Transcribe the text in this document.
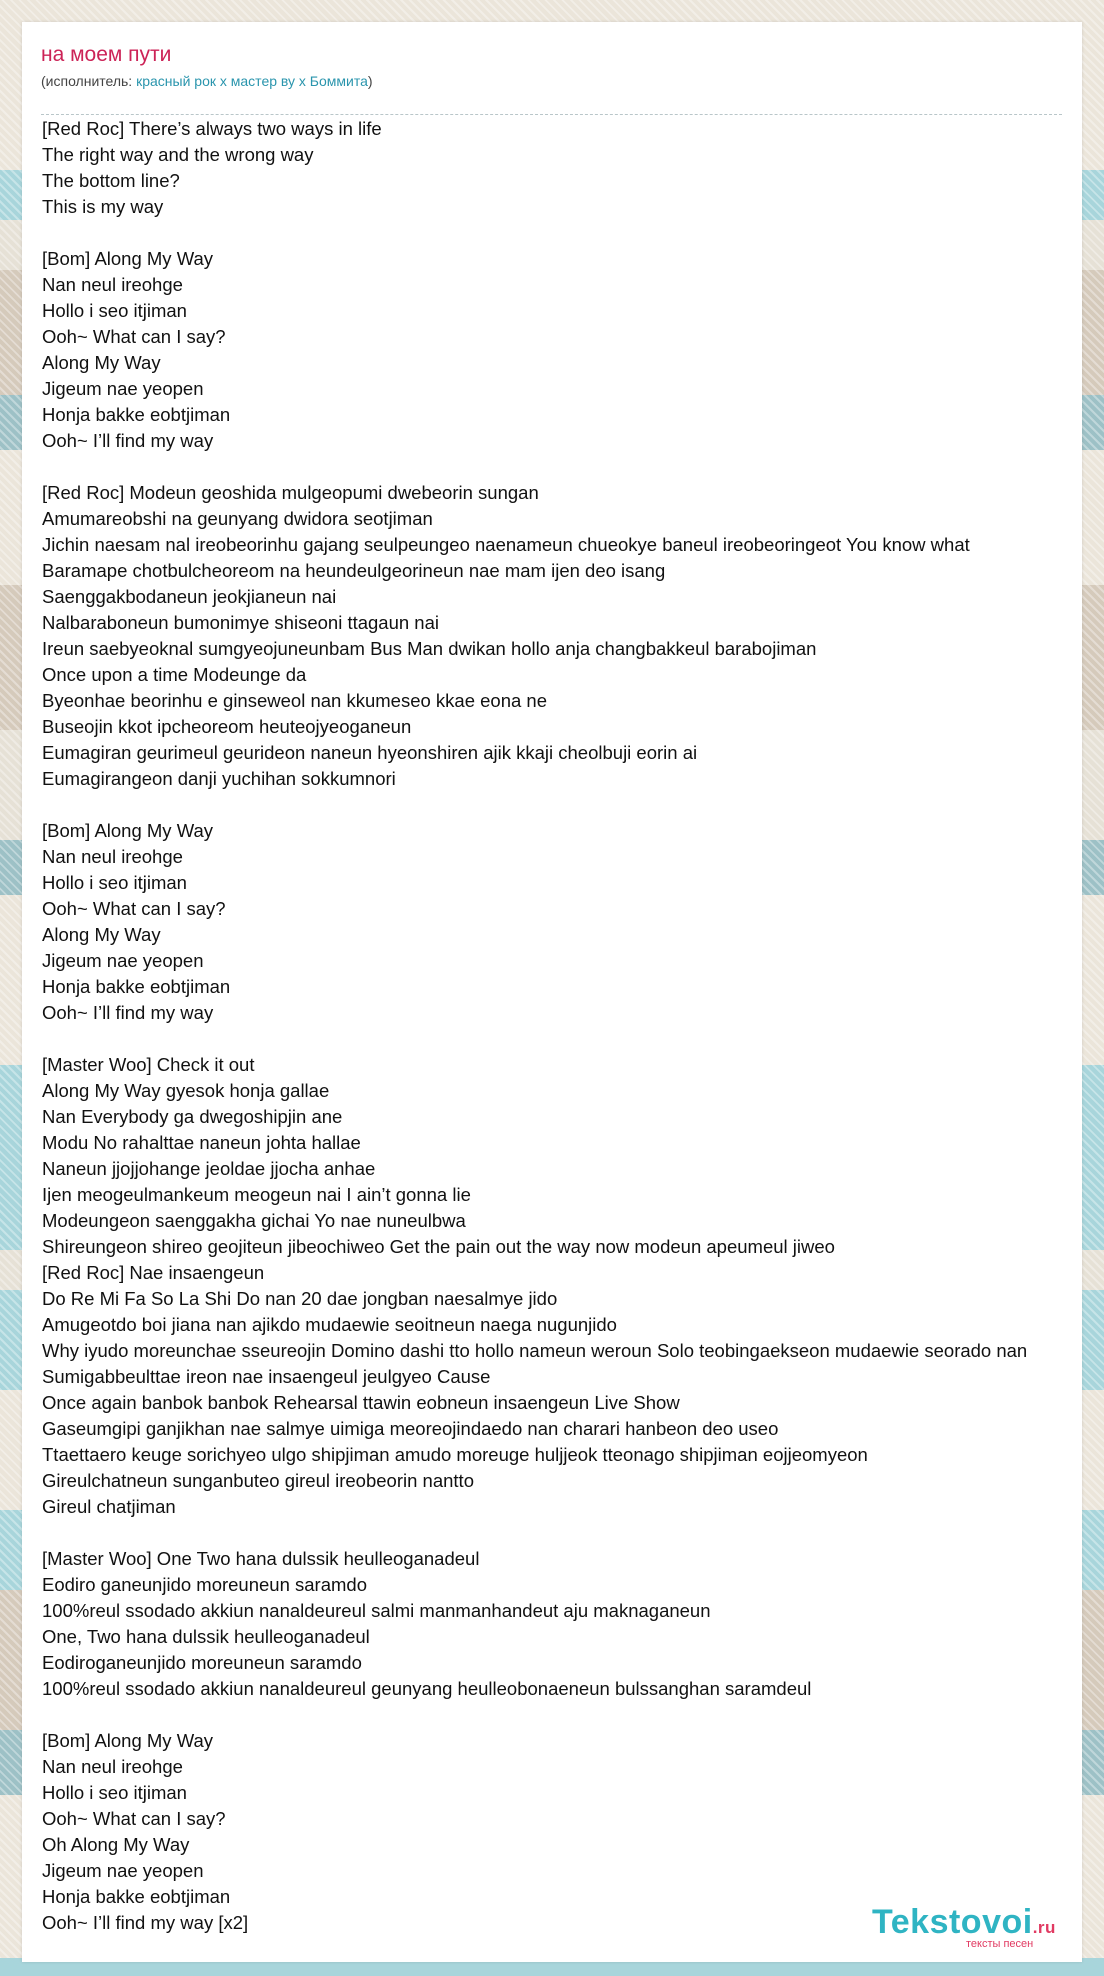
на моем пути
(исполнитель: красный рок x мастер ву x Боммита)
[Red Roc] There’s always two ways in life
The right way and the wrong way
The bottom line?
This is my way
[Bom] Along My Way
Nan neul ireohge
Hollo i seo itjiman
Ooh~ What can I say?
Along My Way
Jigeum nae yeopen
Honja bakke eobtjiman
Ooh~ I’ll find my way
[Red Roc] Modeun geoshida mulgeopumi dwebeorin sungan
Amumareobshi na geunyang dwidora seotjiman
Jichin naesam nal ireobeorinhu gajang seulpeungeo naenameun chueokye baneul ireobeoringeot You know what
Baramape chotbulcheoreom na heundeulgeorineun nae mam ijen deo isang
Saenggakbodaneun jeokjianeun nai
Nalbaraboneun bumonimye shiseoni ttagaun nai
Ireun saebyeoknal sumgyeojuneunbam Bus Man dwikan hollo anja changbakkeul barabojiman
Once upon a time Modeunge da
Byeonhae beorinhu e ginseweol nan kkumeseo kkae eona ne
Buseojin kkot ipcheoreom heuteojyeoganeun
Eumagiran geurimeul geurideon naneun hyeonshiren ajik kkaji cheolbuji eorin ai
Eumagirangeon danji yuchihan sokkumnori
[Bom] Along My Way
Nan neul ireohge
Hollo i seo itjiman
Ooh~ What can I say?
Along My Way
Jigeum nae yeopen
Honja bakke eobtjiman
Ooh~ I’ll find my way
[Master Woo] Check it out
Along My Way gyesok honja gallae
Nan Everybody ga dwegoshipjin ane
Modu No rahalttae naneun johta hallae
Naneun jjojjohange jeoldae jjocha anhae
Ijen meogeulmankeum meogeun nai I ain’t gonna lie
Modeungeon saenggakha gichai Yo nae nuneulbwa
Shireungeon shireo geojiteun jibeochiweo Get the pain out the way now modeun apeumeul jiweo
[Red Roc] Nae insaengeun
Do Re Mi Fa So La Shi Do nan 20 dae jongban naesalmye jido
Amugeotdo boi jiana nan ajikdo mudaewie seoitneun naega nugunjido
Why iyudo moreunchae sseureojin Domino dashi tto hollo nameun weroun Solo teobingaekseon mudaewie seorado nan
Sumigabbeulttae ireon nae insaengeul jeulgyeo Cause
Once again banbok banbok Rehearsal ttawin eobneun insaengeun Live Show
Gaseumgipi ganjikhan nae salmye uimiga meoreojindaedo nan charari hanbeon deo useo
Ttaettaero keuge sorichyeo ulgo shipjiman amudo moreuge huljjeok tteonago shipjiman eojjeomyeon
Gireulchatneun sunganbuteo gireul ireobeorin nantto
Gireul chatjiman
[Master Woo] One Two hana dulssik heulleoganadeul
Eodiro ganeunjido moreuneun saramdo
100%reul ssodado akkiun nanaldeureul salmi manmanhandeut aju maknaganeun
One, Two hana dulssik heulleoganadeul
Eodiroganeunjido moreuneun saramdo
100%reul ssodado akkiun nanaldeureul geunyang heulleobonaeneun bulssanghan saramdeul
[Bom] Along My Way
Nan neul ireohge
Hollo i seo itjiman
Ooh~ What can I say?
Oh Along My Way
Jigeum nae yeopen
Honja bakke eobtjiman
Ooh~ I’ll find my way [x2]	Tekstovoi.ru
тексты песен
